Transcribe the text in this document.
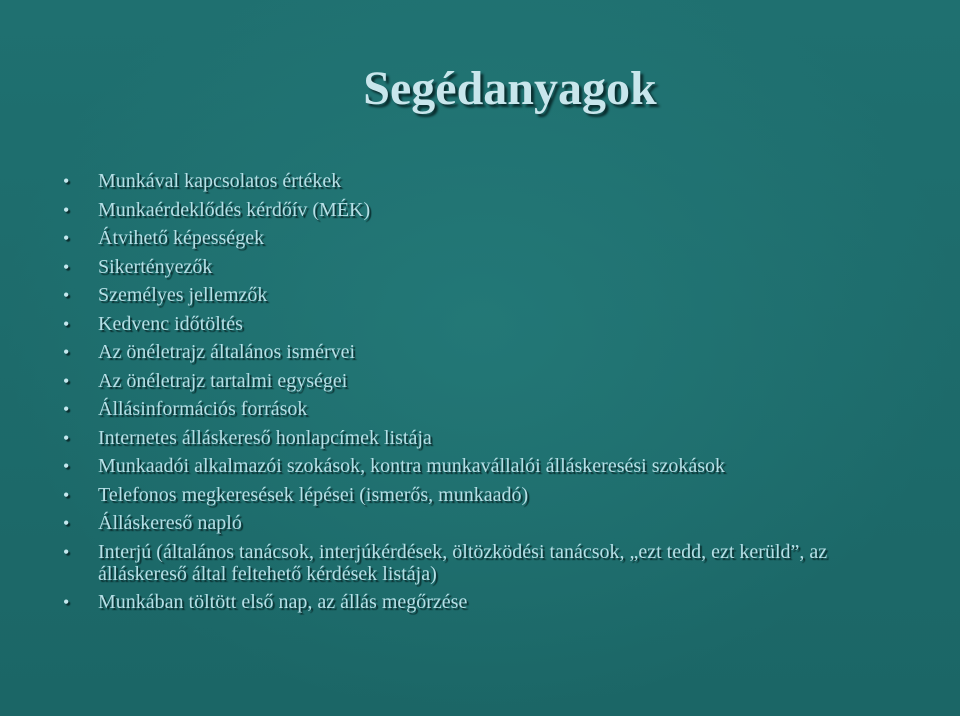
Segédanyagok
• Munkával kapcsolatos értékek
• Munkaérdeklődés kérdőív (MÉK)
• Átvihető képességek
• Sikertényezők
• Személyes jellemzők
• Kedvenc időtöltés
• Az önéletrajz általános ismérvei
• Az önéletrajz tartalmi egységei
• Állásinformációs források
• Internetes álláskereső honlapcímek listája
• Munkaadói alkalmazói szokások, kontra munkavállalói álláskeresési szokások
• Telefonos megkeresések lépései (ismerős, munkaadó)
• Álláskereső napló
• Interjú (általános tanácsok, interjúkérdések, öltözködési tanácsok, „ezt tedd, ezt kerüld”, az álláskereső által feltehető kérdések listája)
• Munkában töltött első nap, az állás megőrzése
